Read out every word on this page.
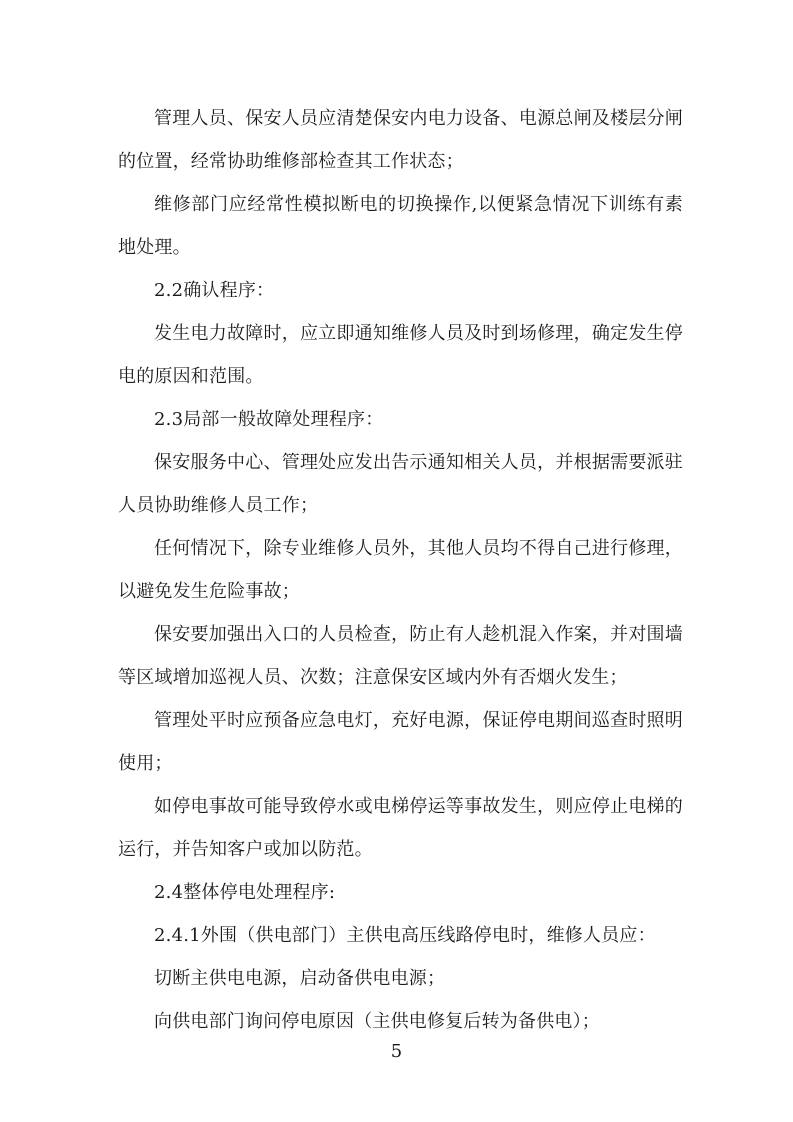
管理人员、保安人员应清楚保安内电力设备、电源总闸及楼层分闸的位置，经常协助维修部检查其工作状态；

维修部门应经常性模拟断电的切换操作,以便紧急情况下训练有素地处理。

2.2确认程序：

发生电力故障时，应立即通知维修人员及时到场修理，确定发生停电的原因和范围。

2.3局部一般故障处理程序：

保安服务中心、管理处应发出告示通知相关人员，并根据需要派驻人员协助维修人员工作；

任何情况下，除专业维修人员外，其他人员均不得自己进行修理，以避免发生危险事故；

保安要加强出入口的人员检查，防止有人趁机混入作案，并对围墙等区域增加巡视人员、次数；注意保安区域内外有否烟火发生；

管理处平时应预备应急电灯，充好电源，保证停电期间巡查时照明使用；

如停电事故可能导致停水或电梯停运等事故发生，则应停止电梯的运行，并告知客户或加以防范。

2.4整体停电处理程序:

2.4.1外围（供电部门）主供电高压线路停电时，维修人员应：

切断主供电电源，启动备供电电源；

向供电部门询问停电原因（主供电修复后转为备供电）；

5
